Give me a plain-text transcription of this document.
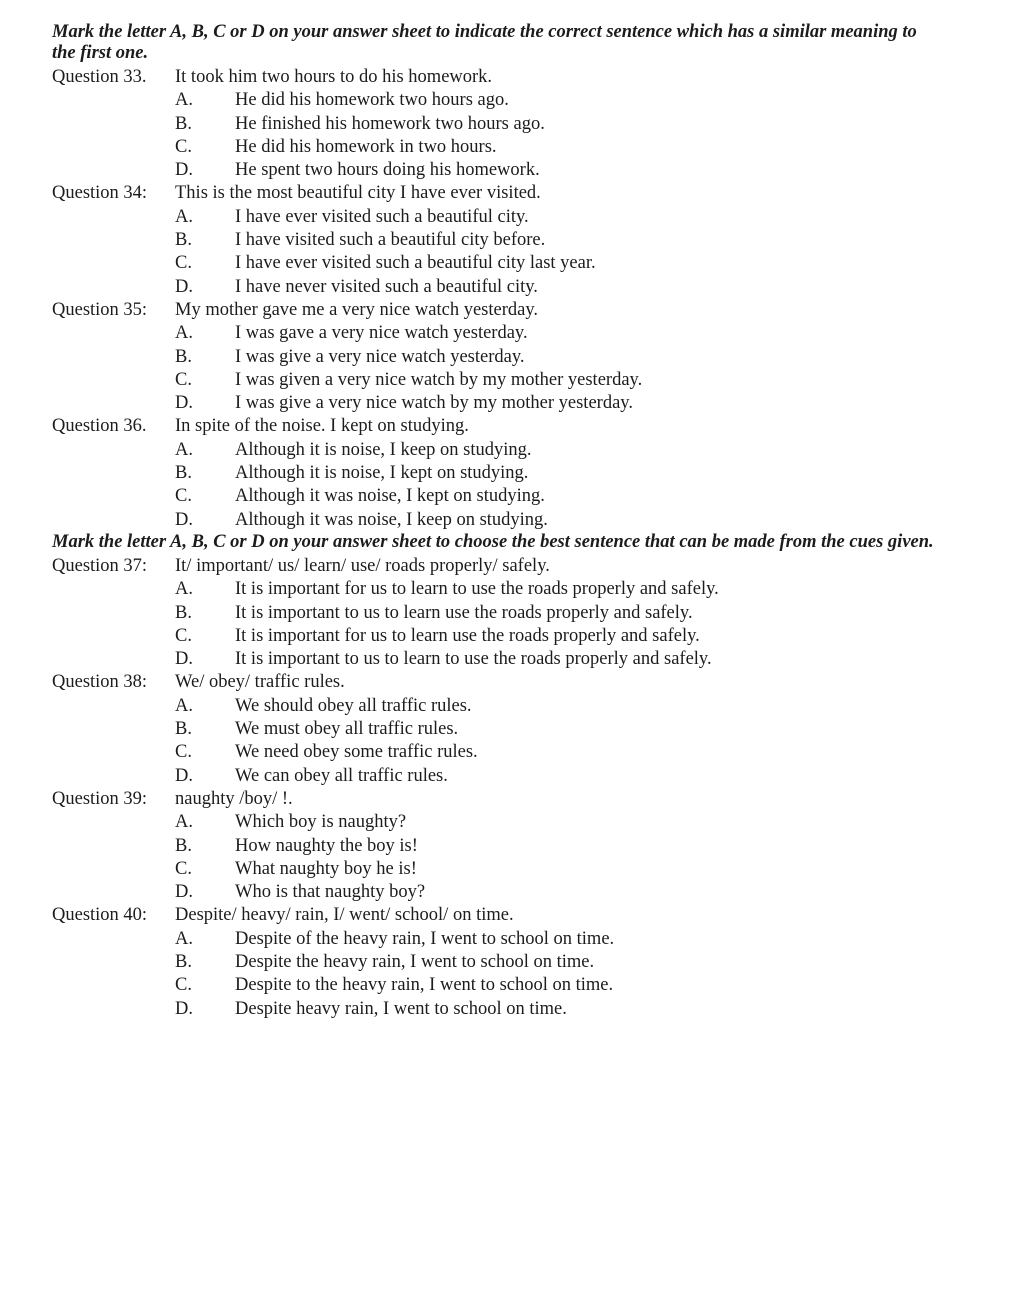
Mark the letter A, B, C or D on your answer sheet to indicate the correct sentence which has a similar meaning to the first one.
Question 33. It took him two hours to do his homework.
A. He did his homework two hours ago.
B. He finished his homework two hours ago.
C. He did his homework in two hours.
D. He spent two hours doing his homework.
Question 34: This is the most beautiful city I have ever visited.
A. I have ever visited such a beautiful city.
B. I have visited such a beautiful city before.
C. I have ever visited such a beautiful city last year.
D. I have never visited such a beautiful city.
Question 35: My mother gave me a very nice watch yesterday.
A. I was gave a very nice watch yesterday.
B. I was give a very nice watch yesterday.
C. I was given a very nice watch by my mother yesterday.
D. I was give a very nice watch by my mother yesterday.
Question 36. In spite of the noise. I kept on studying.
A. Although it is noise, I keep on studying.
B. Although it is noise, I kept on studying.
C. Although it was noise, I kept on studying.
D. Although it was noise, I keep on studying.
Mark the letter A, B, C or D on your answer sheet to choose the best sentence that can be made from the cues given.
Question 37: It/ important/ us/ learn/ use/ roads properly/ safely.
A. It is important for us to learn to use the roads properly and safely.
B. It is important to us to learn use the roads properly and safely.
C. It is important for us to learn use the roads properly and safely.
D. It is important to us to learn to use the roads properly and safely.
Question 38: We/ obey/ traffic rules.
A. We should obey all traffic rules.
B. We must obey all traffic rules.
C. We need obey some traffic rules.
D. We can obey all traffic rules.
Question 39: naughty /boy/ !.
A. Which boy is naughty?
B. How naughty the boy is!
C. What naughty boy he is!
D. Who is that naughty boy?
Question 40: Despite/ heavy/ rain, I/ went/ school/ on time.
A. Despite of the heavy rain, I went to school on time.
B. Despite the heavy rain, I went to school on time.
C. Despite to the heavy rain, I went to school on time.
D. Despite heavy rain, I went to school on time.
